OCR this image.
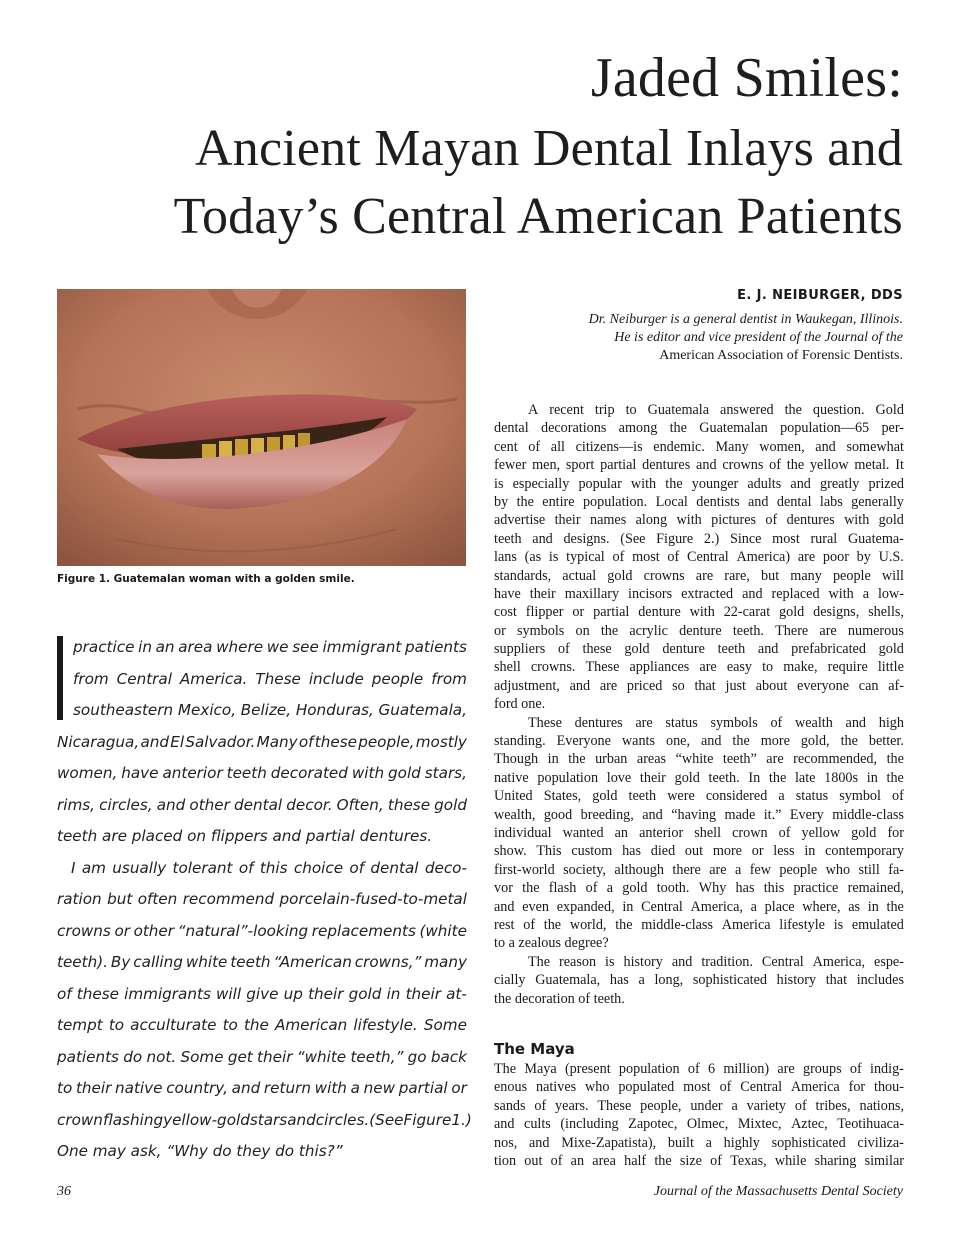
Jaded Smiles:
Ancient Mayan Dental Inlays and
Today’s Central American Patients
Figure 1. Guatemalan woman with a golden smile.
E. J. NEIBURGER, DDS
Dr. Neiburger is a general dentist in Waukegan, Illinois.
He is editor and vice president of the Journal of the
American Association of Forensic Dentists.
practice in an area where we see immigrant patients
from Central America. These include people from
southeastern Mexico, Belize, Honduras, Guatemala,
Nicaragua, and El Salvador. Many of these people, mostly
women, have anterior teeth decorated with gold stars,
rims, circles, and other dental decor. Often, these gold
teeth are placed on flippers and partial dentures.
I am usually tolerant of this choice of dental deco-
ration but often recommend porcelain-fused-to-metal
crowns or other “natural”-looking replacements (white
teeth). By calling white teeth “American crowns,” many
of these immigrants will give up their gold in their at-
tempt to acculturate to the American lifestyle. Some
patients do not. Some get their “white teeth,” go back
to their native country, and return with a new partial or
crown flashing yellow-gold stars and circles. (See Figure 1.)
One may ask, “Why do they do this?”
A recent trip to Guatemala answered the question. Gold
dental decorations among the Guatemalan population—65 per-
cent of all citizens—is endemic. Many women, and somewhat
fewer men, sport partial dentures and crowns of the yellow metal. It
is especially popular with the younger adults and greatly prized
by the entire population. Local dentists and dental labs generally
advertise their names along with pictures of dentures with gold
teeth and designs. (See Figure 2.) Since most rural Guatema-
lans (as is typical of most of Central America) are poor by U.S.
standards, actual gold crowns are rare, but many people will
have their maxillary incisors extracted and replaced with a low-
cost flipper or partial denture with 22-carat gold designs, shells,
or symbols on the acrylic denture teeth. There are numerous
suppliers of these gold denture teeth and prefabricated gold
shell crowns. These appliances are easy to make, require little
adjustment, and are priced so that just about everyone can af-
ford one.
These dentures are status symbols of wealth and high
standing. Everyone wants one, and the more gold, the better.
Though in the urban areas “white teeth” are recommended, the
native population love their gold teeth. In the late 1800s in the
United States, gold teeth were considered a status symbol of
wealth, good breeding, and “having made it.” Every middle-class
individual wanted an anterior shell crown of yellow gold for
show. This custom has died out more or less in contemporary
first-world society, although there are a few people who still fa-
vor the flash of a gold tooth. Why has this practice remained,
and even expanded, in Central America, a place where, as in the
rest of the world, the middle-class America lifestyle is emulated
to a zealous degree?
The reason is history and tradition. Central America, espe-
cially Guatemala, has a long, sophisticated history that includes
the decoration of teeth.
The Maya
The Maya (present population of 6 million) are groups of indig-
enous natives who populated most of Central America for thou-
sands of years. These people, under a variety of tribes, nations,
and cults (including Zapotec, Olmec, Mixtec, Aztec, Teotihuaca-
nos, and Mixe-Zapatista), built a highly sophisticated civiliza-
tion out of an area half the size of Texas, while sharing similar
36	Journal of the Massachusetts Dental Society
